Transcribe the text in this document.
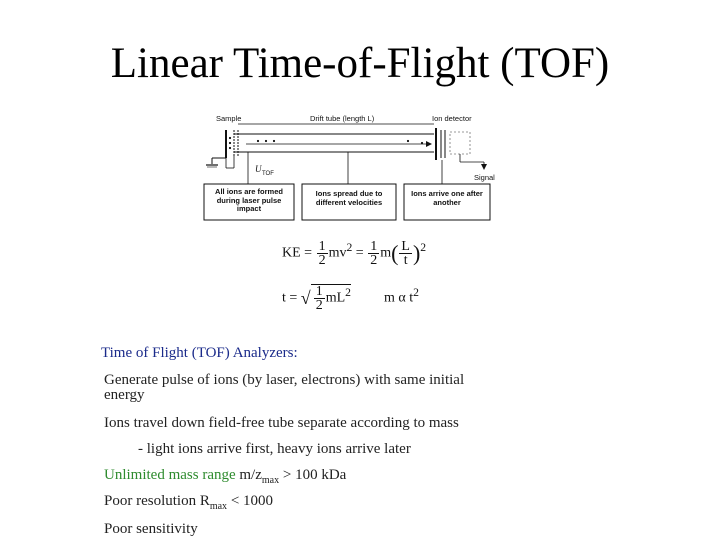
Linear Time-of-Flight (TOF)
Sample	Drift tube (length L)	Ion detector
Signal
U TOF
All ions are formed during laser pulse impact
Ions spread due to different velocities
Ions arrive one after another
KE = $\frac{1}{2} mv^2 = \frac{1}{2} m( \frac{L}{t} )^2$
t = √ $\frac{1}{2} mL^2$ m α $t^2$
Time of Flight (TOF) Analyzers:
Generate pulse of ions (by laser, electrons) with same initial
energy
Ions travel down field-free tube separate according to mass
- light ions arrive first, heavy ions arrive later
Unlimited mass range $m/z_{max} > 100$ kDa
Poor resolution $R_{max} < 1000$
Poor sensitivity
